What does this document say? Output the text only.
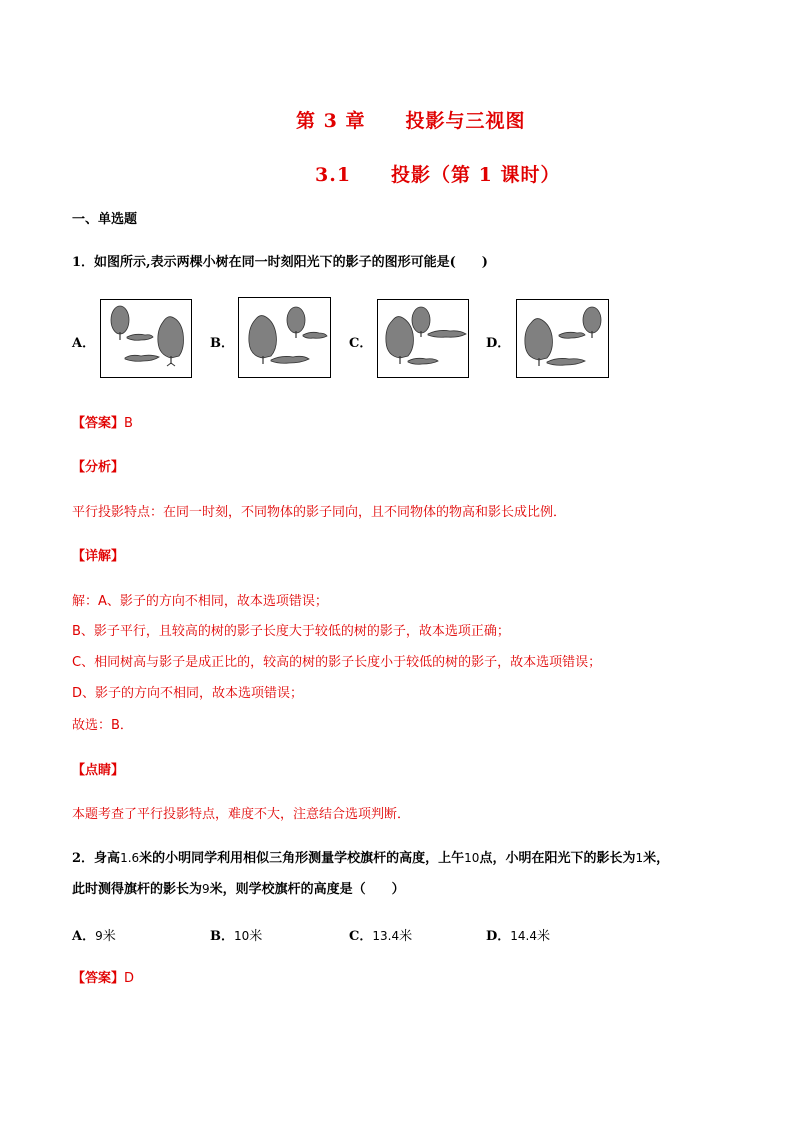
第 3 章　　投影与三视图
3.1　　投影（第 1 课时）
一、单选题
1．如图所示,表示两棵小树在同一时刻阳光下的影子的图形可能是(　　)
A．	B．	C．	D．
【答案】B
【分析】
平行投影特点：在同一时刻，不同物体的影子同向，且不同物体的物高和影长成比例．
【详解】
解：A、影子的方向不相同，故本选项错误；
B、影子平行，且较高的树的影子长度大于较低的树的影子，故本选项正确；
C、相同树高与影子是成正比的，较高的树的影子长度小于较低的树的影子，故本选项错误；
D、影子的方向不相同，故本选项错误；
故选：B．
【点睛】
本题考查了平行投影特点，难度不大，注意结合选项判断．
2．身高1.6米的小明同学利用相似三角形测量学校旗杆的高度，上午10点，小明在阳光下的影长为1米，
此时测得旗杆的影长为9米，则学校旗杆的高度是（　　）
A．9米	B．10米	C．13.4米	D．14.4米
【答案】D
